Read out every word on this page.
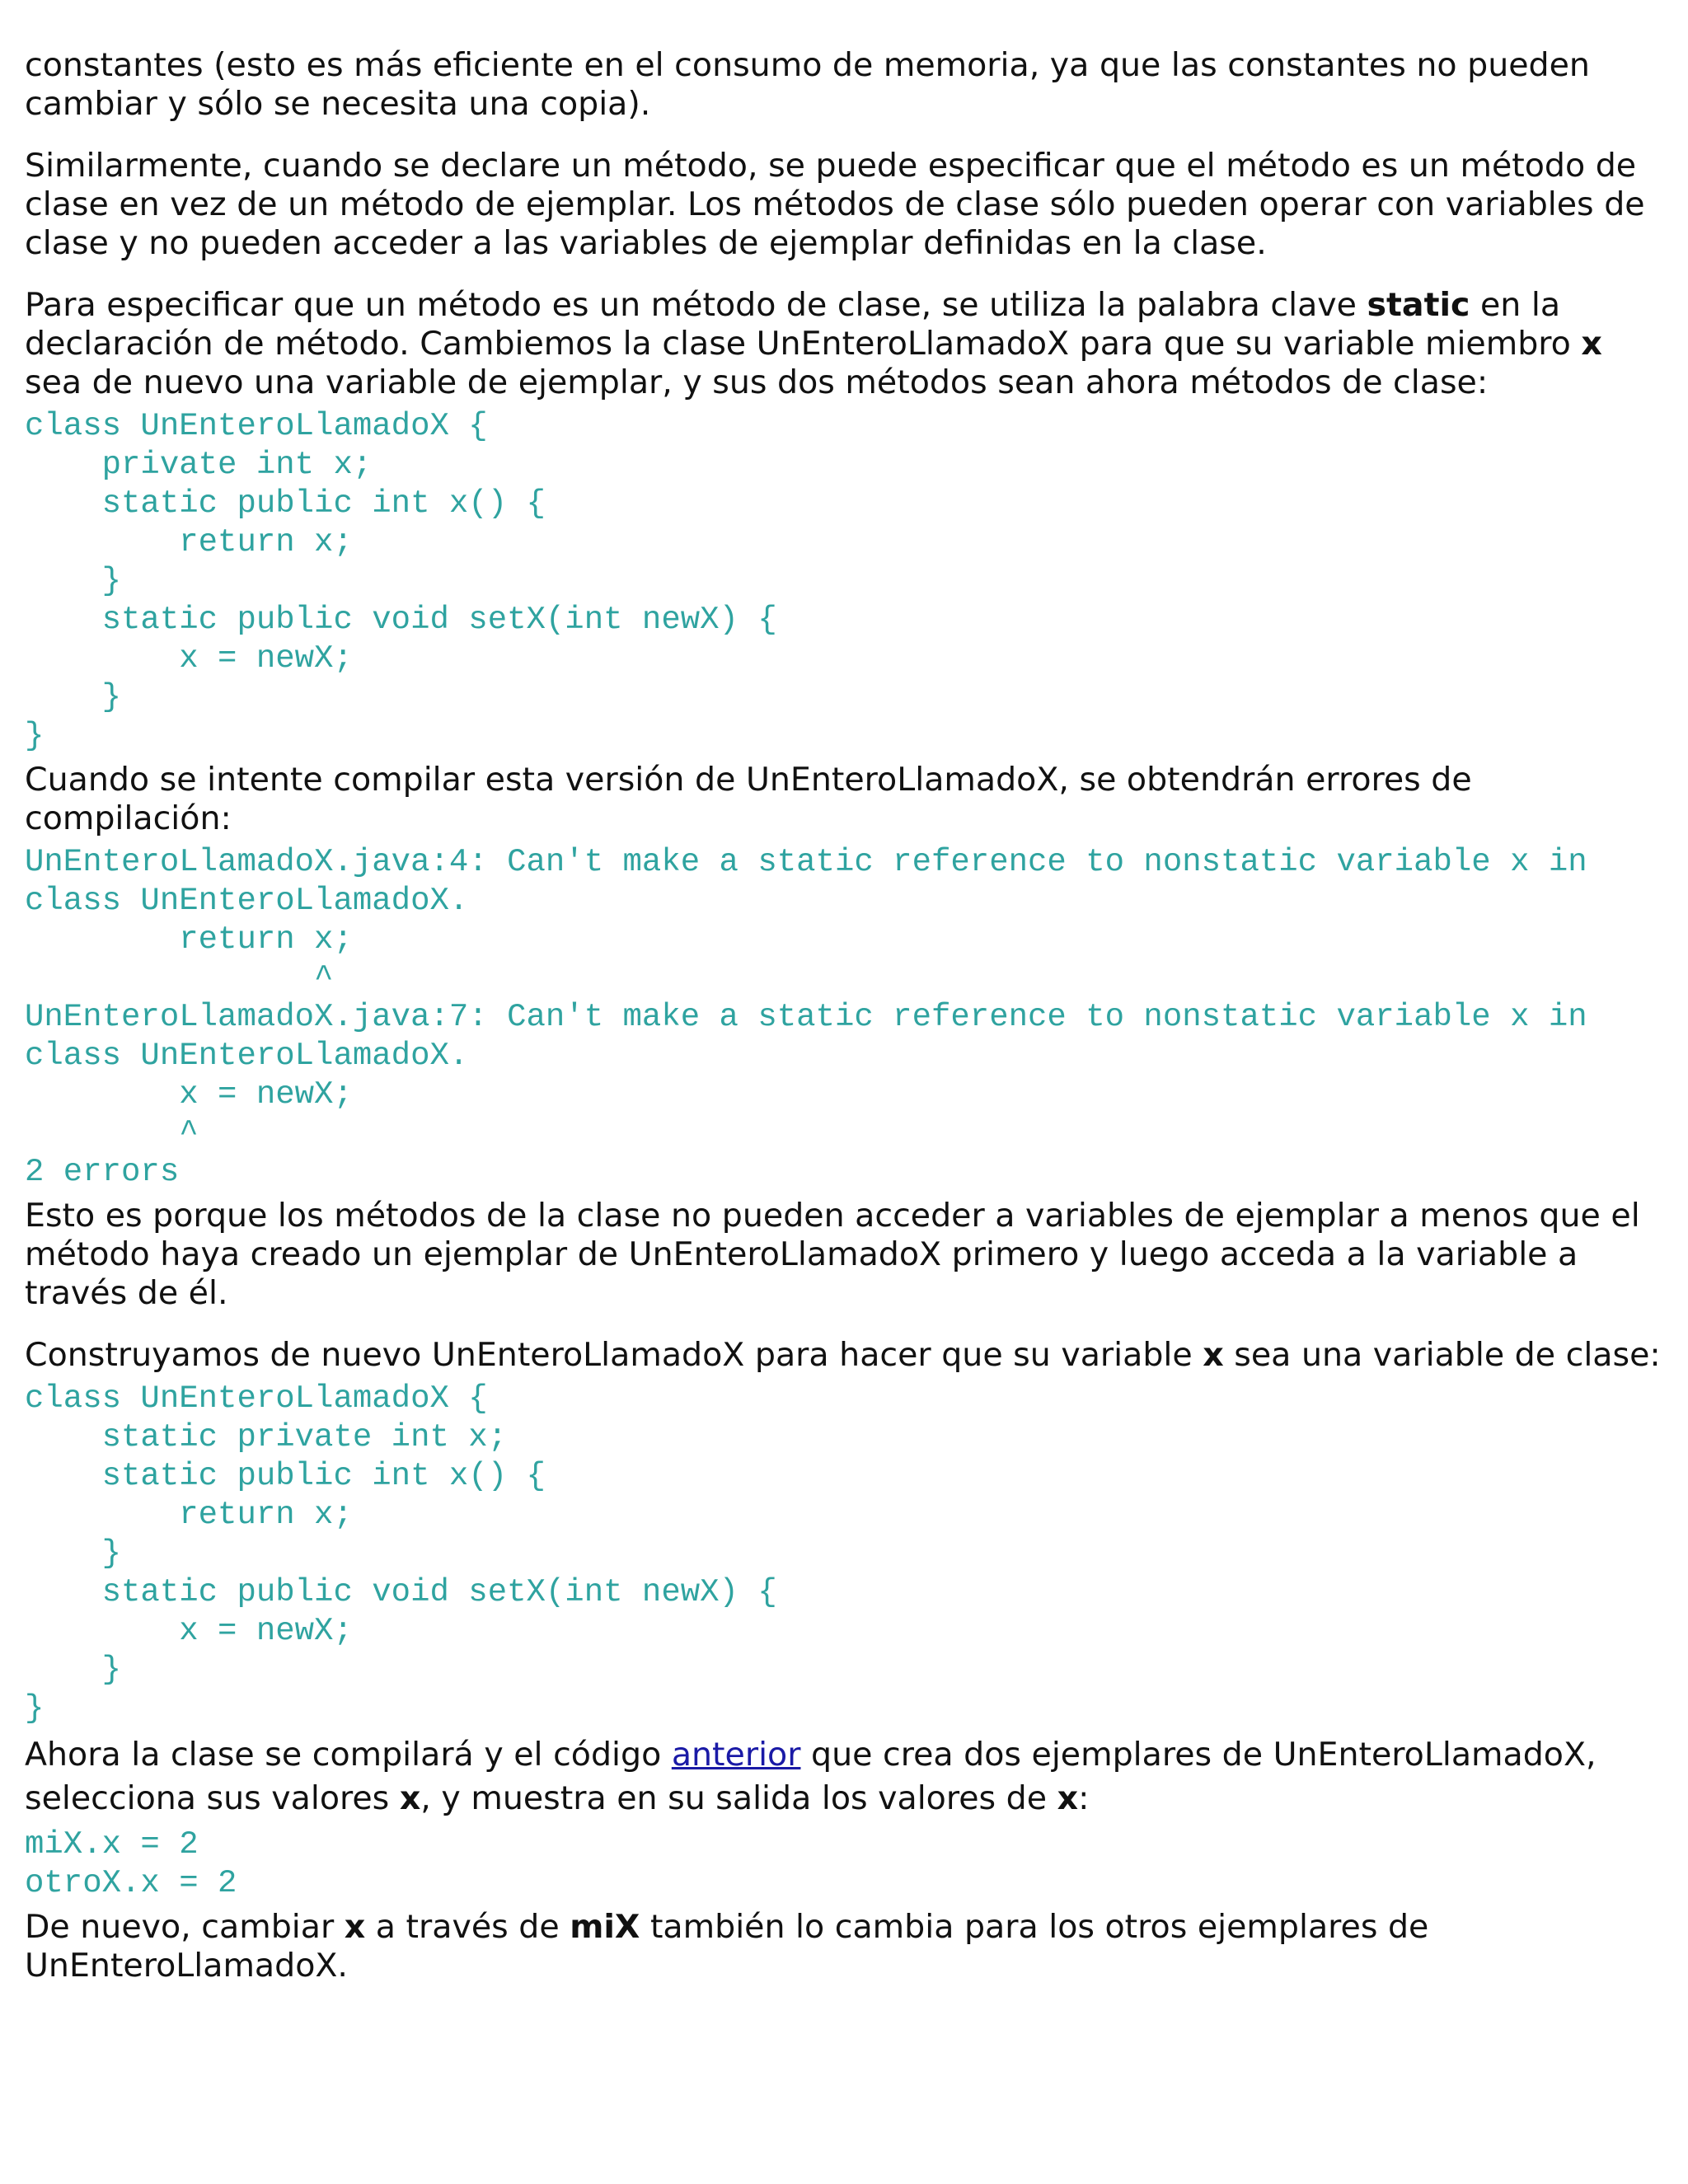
constantes (esto es más eficiente en el consumo de memoria, ya que las constantes no pueden cambiar y sólo se necesita una copia).

Similarmente, cuando se declare un método, se puede especificar que el método es un método de clase en vez de un método de ejemplar. Los métodos de clase sólo pueden operar con variables de clase y no pueden acceder a las variables de ejemplar definidas en la clase.

Para especificar que un método es un método de clase, se utiliza la palabra clave static en la declaración de método. Cambiemos la clase UnEnteroLlamadoX para que su variable miembro x sea de nuevo una variable de ejemplar, y sus dos métodos sean ahora métodos de clase:

class UnEnteroLlamadoX {
private int x;
static public int x() {
return x;
}
static public void setX(int newX) {
x = newX;
}
}

Cuando se intente compilar esta versión de UnEnteroLlamadoX, se obtendrán errores de compilación:

UnEnteroLlamadoX.java:4: Can't make a static reference to nonstatic variable x in
class UnEnteroLlamadoX.
return x;
^
UnEnteroLlamadoX.java:7: Can't make a static reference to nonstatic variable x in
class UnEnteroLlamadoX.
x = newX;
^
2 errors

Esto es porque los métodos de la clase no pueden acceder a variables de ejemplar a menos que el método haya creado un ejemplar de UnEnteroLlamadoX primero y luego acceda a la variable a través de él.

Construyamos de nuevo UnEnteroLlamadoX para hacer que su variable x sea una variable de clase:

class UnEnteroLlamadoX {
static private int x;
static public int x() {
return x;
}
static public void setX(int newX) {
x = newX;
}
}

Ahora la clase se compilará y el código anterior que crea dos ejemplares de UnEnteroLlamadoX, selecciona sus valores x, y muestra en su salida los valores de x:

miX.x = 2
otroX.x = 2

De nuevo, cambiar x a través de miX también lo cambia para los otros ejemplares de UnEnteroLlamadoX.
